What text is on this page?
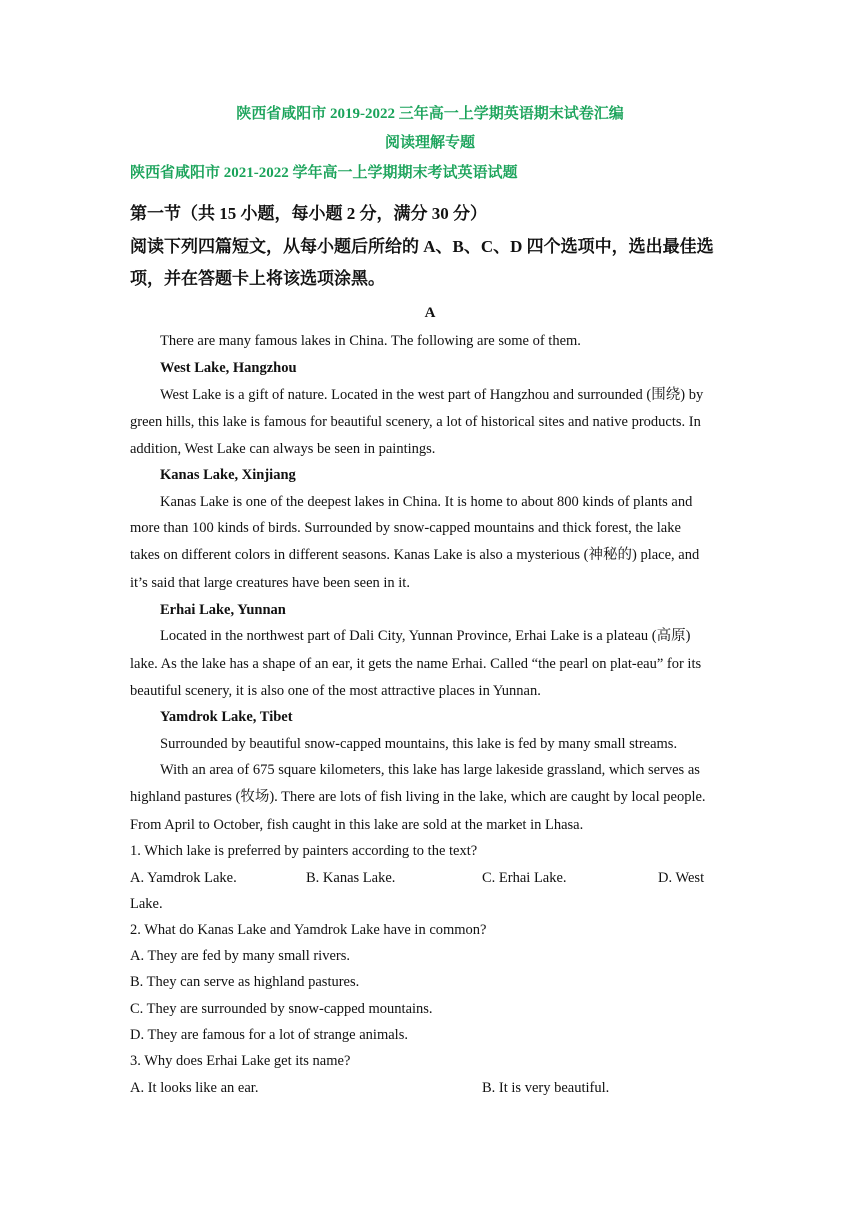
陕西省咸阳市 2019-2022 三年高一上学期英语期末试卷汇编
阅读理解专题
陕西省咸阳市 2021-2022 学年高一上学期期末考试英语试题
第一节（共 15 小题，每小题 2 分，满分 30 分）
阅读下列四篇短文，从每小题后所给的 A、B、C、D 四个选项中，选出最佳选
项，并在答题卡上将该选项涂黑。
A
There are many famous lakes in China. The following are some of them.
West Lake, Hangzhou
West Lake is a gift of nature. Located in the west part of Hangzhou and surrounded (围绕) by
green hills, this lake is famous for beautiful scenery, a lot of historical sites and native products. In
addition, West Lake can always be seen in paintings.
Kanas Lake, Xinjiang
Kanas Lake is one of the deepest lakes in China. It is home to about 800 kinds of plants and
more than 100 kinds of birds. Surrounded by snow-capped mountains and thick forest, the lake
takes on different colors in different seasons. Kanas Lake is also a mysterious (神秘的) place, and
it’s said that large creatures have been seen in it.
Erhai Lake, Yunnan
Located in the northwest part of Dali City, Yunnan Province, Erhai Lake is a plateau (高原)
lake. As the lake has a shape of an ear, it gets the name Erhai. Called “the pearl on plat-eau” for its
beautiful scenery, it is also one of the most attractive places in Yunnan.
Yamdrok Lake, Tibet
Surrounded by beautiful snow-capped mountains, this lake is fed by many small streams.
With an area of 675 square kilometers, this lake has large lakeside grassland, which serves as
highland pastures (牧场). There are lots of fish living in the lake, which are caught by local people.
From April to October, fish caught in this lake are sold at the market in Lhasa.
1. Which lake is preferred by painters according to the text?
A. Yamdrok Lake.	B. Kanas Lake.	C. Erhai Lake.	D. West
Lake.
2. What do Kanas Lake and Yamdrok Lake have in common?
A. They are fed by many small rivers.
B. They can serve as highland pastures.
C. They are surrounded by snow-capped mountains.
D. They are famous for a lot of strange animals.
3. Why does Erhai Lake get its name?
A. It looks like an ear.	B. It is very beautiful.
